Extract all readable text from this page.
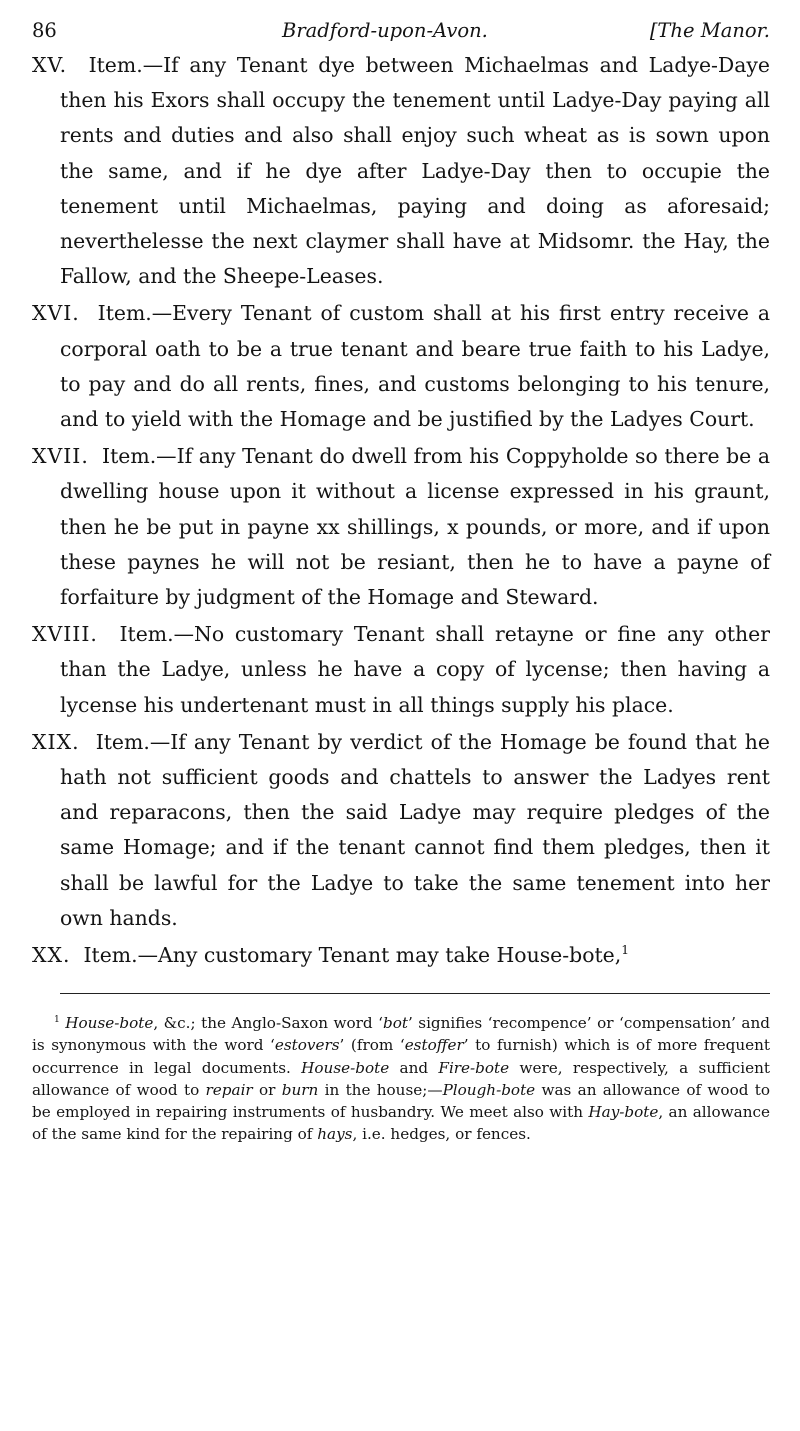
86	Bradford-upon-Avon.	[The Manor.

XV. Item.—If any Tenant dye between Michaelmas and Ladye-Daye then his Exors shall occupy the tenement until Ladye-Day paying all rents and duties and also shall enjoy such wheat as is sown upon the same, and if he dye after Ladye-Day then to occupie the tenement until Michaelmas, paying and doing as aforesaid; neverthelesse the next claymer shall have at Midsomr. the Hay, the Fallow, and the Sheepe-Leases.

XVI. Item.—Every Tenant of custom shall at his first entry receive a corporal oath to be a true tenant and beare true faith to his Ladye, to pay and do all rents, fines, and customs belonging to his tenure, and to yield with the Homage and be justified by the Ladyes Court.

XVII. Item.—If any Tenant do dwell from his Coppyholde so there be a dwelling house upon it without a license expressed in his graunt, then he be put in payne xx shillings, x pounds, or more, and if upon these paynes he will not be resiant, then he to have a payne of forfaiture by judgment of the Homage and Steward.

XVIII. Item.—No customary Tenant shall retayne or fine any other than the Ladye, unless he have a copy of lycense; then having a lycense his undertenant must in all things supply his place.

XIX. Item.—If any Tenant by verdict of the Homage be found that he hath not sufficient goods and chattels to answer the Ladyes rent and reparacons, then the said Ladye may require pledges of the same Homage; and if the tenant cannot find them pledges, then it shall be lawful for the Ladye to take the same tenement into her own hands.

XX. Item.—Any customary Tenant may take House-bote,$^1$

$^1$ House-bote, &c.; the Anglo-Saxon word ‘bot’ signifies ‘recompence’ or ‘compensation’ and is synonymous with the word ‘estovers’ (from ‘estoffer’ to furnish) which is of more frequent occurrence in legal documents. House-bote and Fire-bote were, respectively, a sufficient allowance of wood to repair or burn in the house;—Plough-bote was an allowance of wood to be employed in repairing instruments of husbandry. We meet also with Hay-bote, an allowance of the same kind for the repairing of hays, i.e. hedges, or fences.
